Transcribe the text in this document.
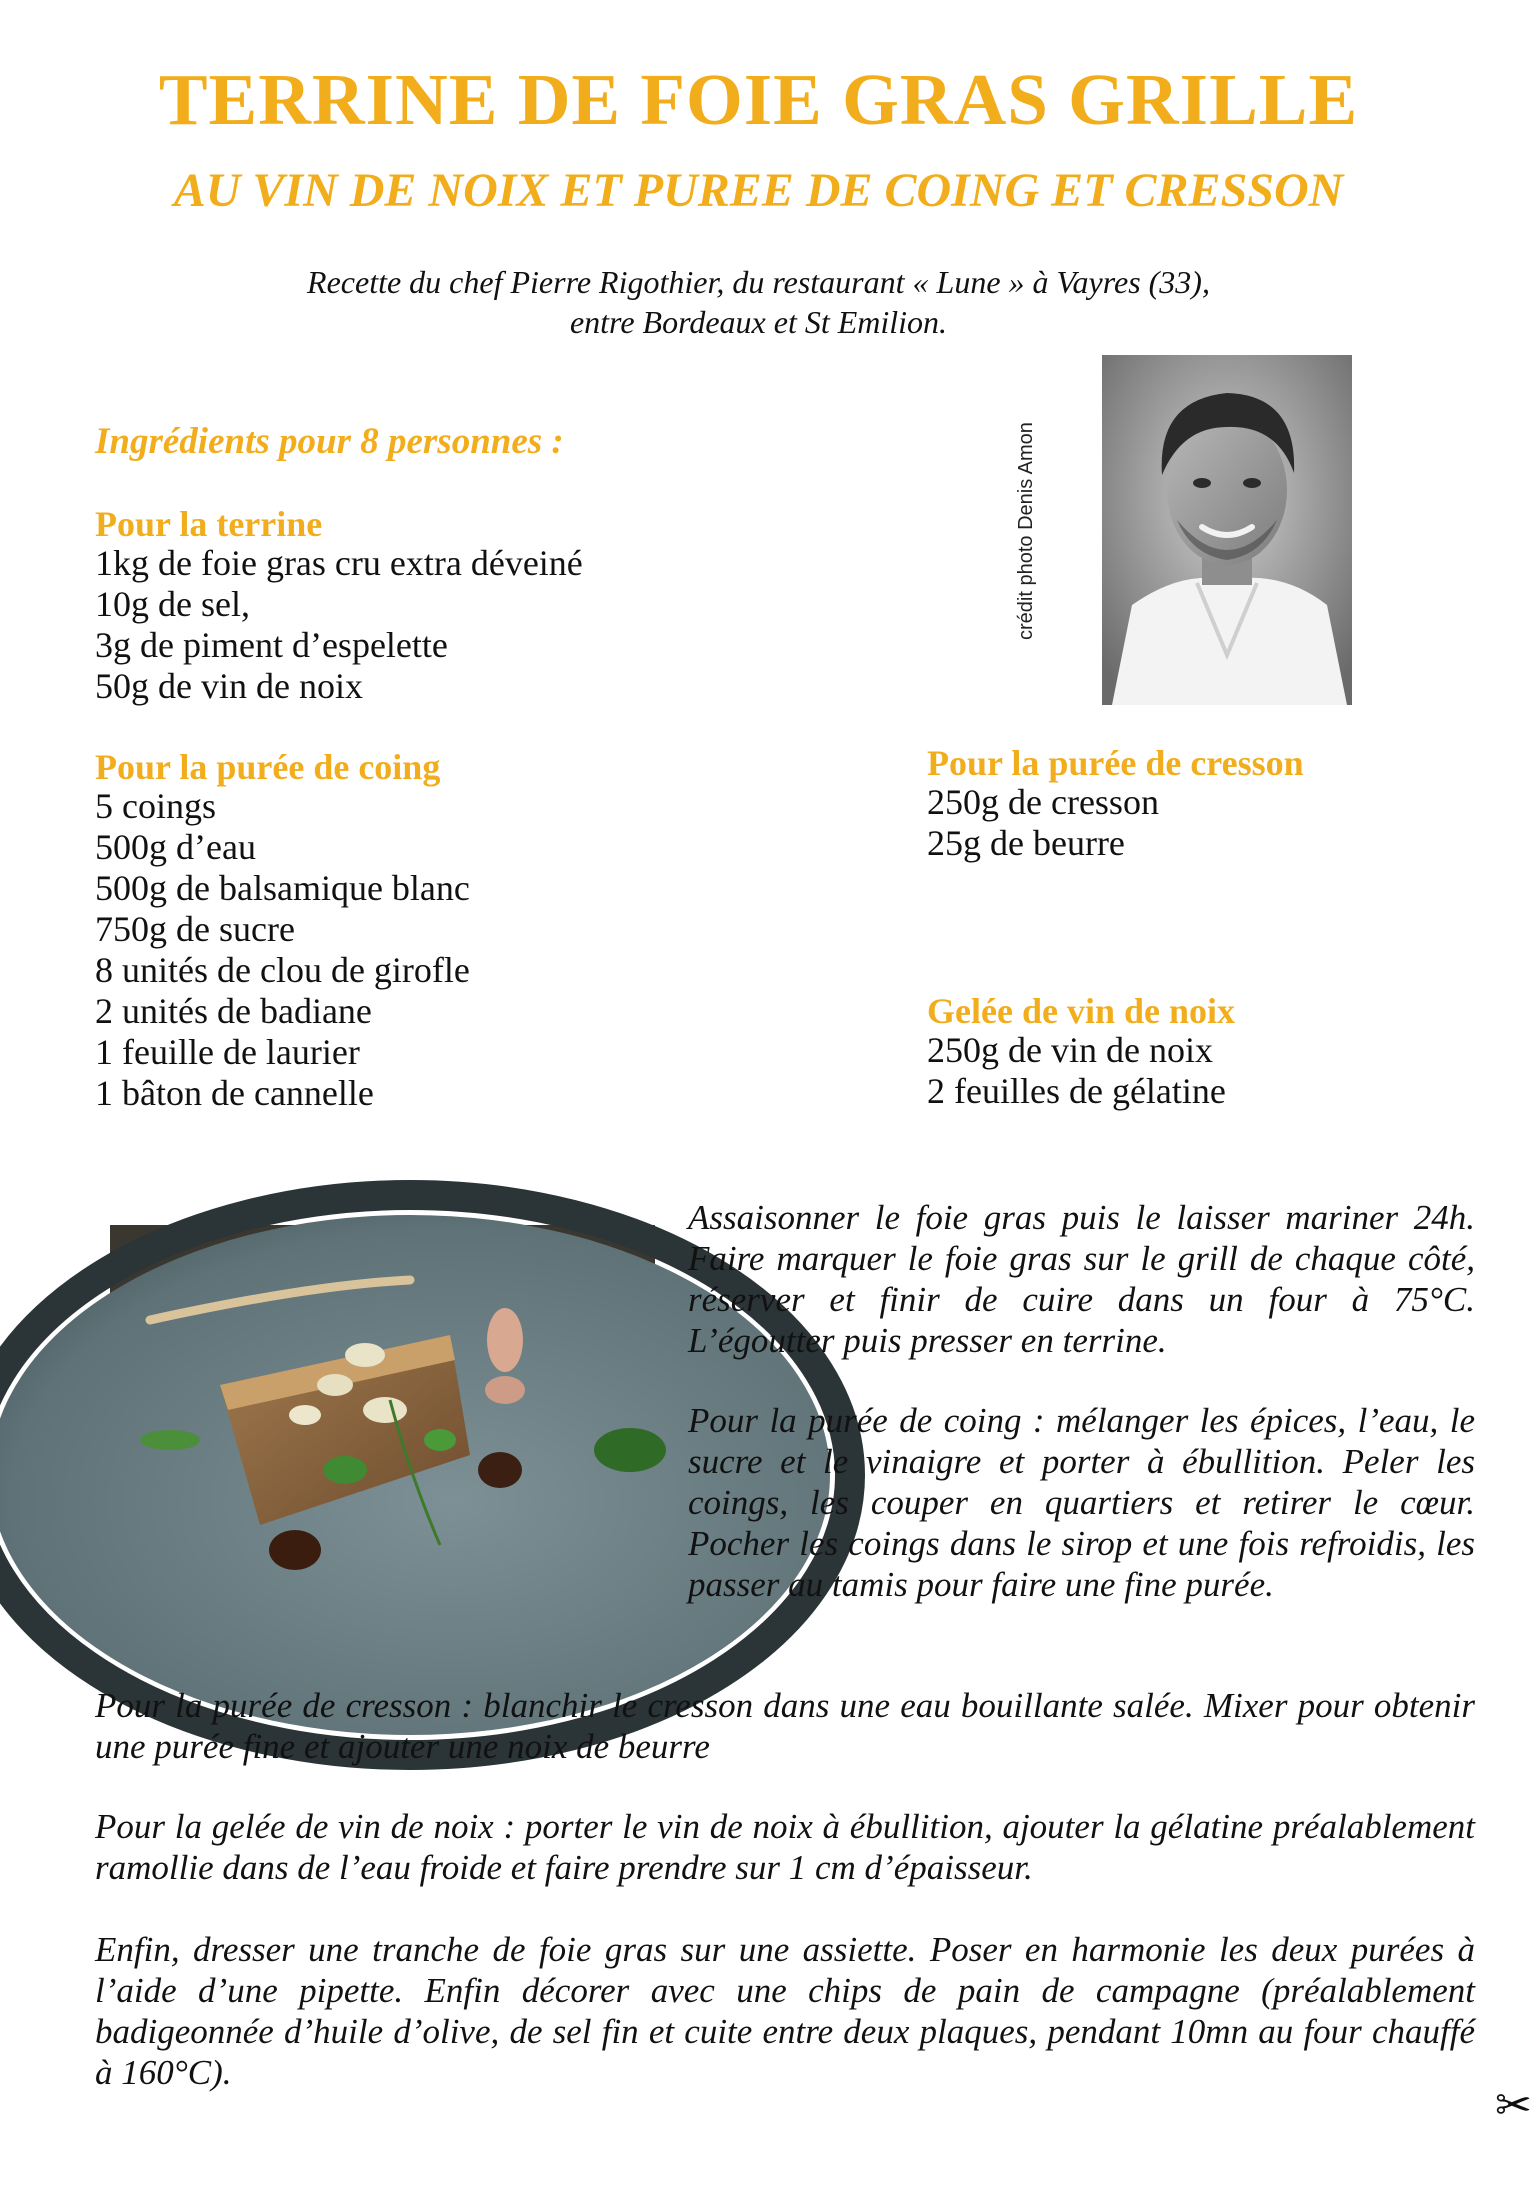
TERRINE DE FOIE GRAS GRILLE
AU VIN DE NOIX ET PUREE DE COING ET CRESSON
Recette du chef Pierre Rigothier, du restaurant « Lune » à Vayres (33),
entre Bordeaux et St Emilion.
crédit photo Denis Amon
Ingrédients pour 8 personnes :
Pour la terrine
1kg de foie gras cru extra déveiné
10g de sel,
3g de piment d’espelette
50g de vin de noix
Pour la purée de coing
5 coings
500g d’eau
500g de balsamique blanc
750g de sucre
8 unités de clou de girofle
2 unités de badiane
1 feuille de laurier
1 bâton de cannelle
Pour la purée de cresson
250g de cresson
25g de beurre
Gelée de vin de noix
250g de vin de noix
2 feuilles de gélatine

Assaisonner le foie gras puis le laisser mariner 24h. Faire marquer le foie gras sur le grill de chaque côté, réserver et finir de cuire dans un four à 75°C. L’égoutter puis presser en terrine.

Pour la purée de coing : mélanger les épices, l’eau, le sucre et le vinaigre et porter à ébullition. Peler les coings, les couper en quartiers et retirer le cœur. Pocher les coings dans le sirop et une fois refroidis, les passer au tamis pour faire une fine purée.

Pour la purée de cresson : blanchir le cresson dans une eau bouillante salée. Mixer pour obtenir une purée fine et ajouter une noix de beurre

Pour la gelée de vin de noix : porter le vin de noix à ébullition, ajouter la gélatine préalablement ramollie dans de l’eau froide et faire prendre sur 1 cm d’épaisseur.

Enfin, dresser une tranche de foie gras sur une assiette. Poser en harmonie les deux purées à l’aide d’une pipette. Enfin décorer avec une chips de pain de campagne (préalablement badigeonnée d’huile d’olive, de sel fin et cuite entre deux plaques, pendant 10mn au four chauffé à 160°C).

✂
